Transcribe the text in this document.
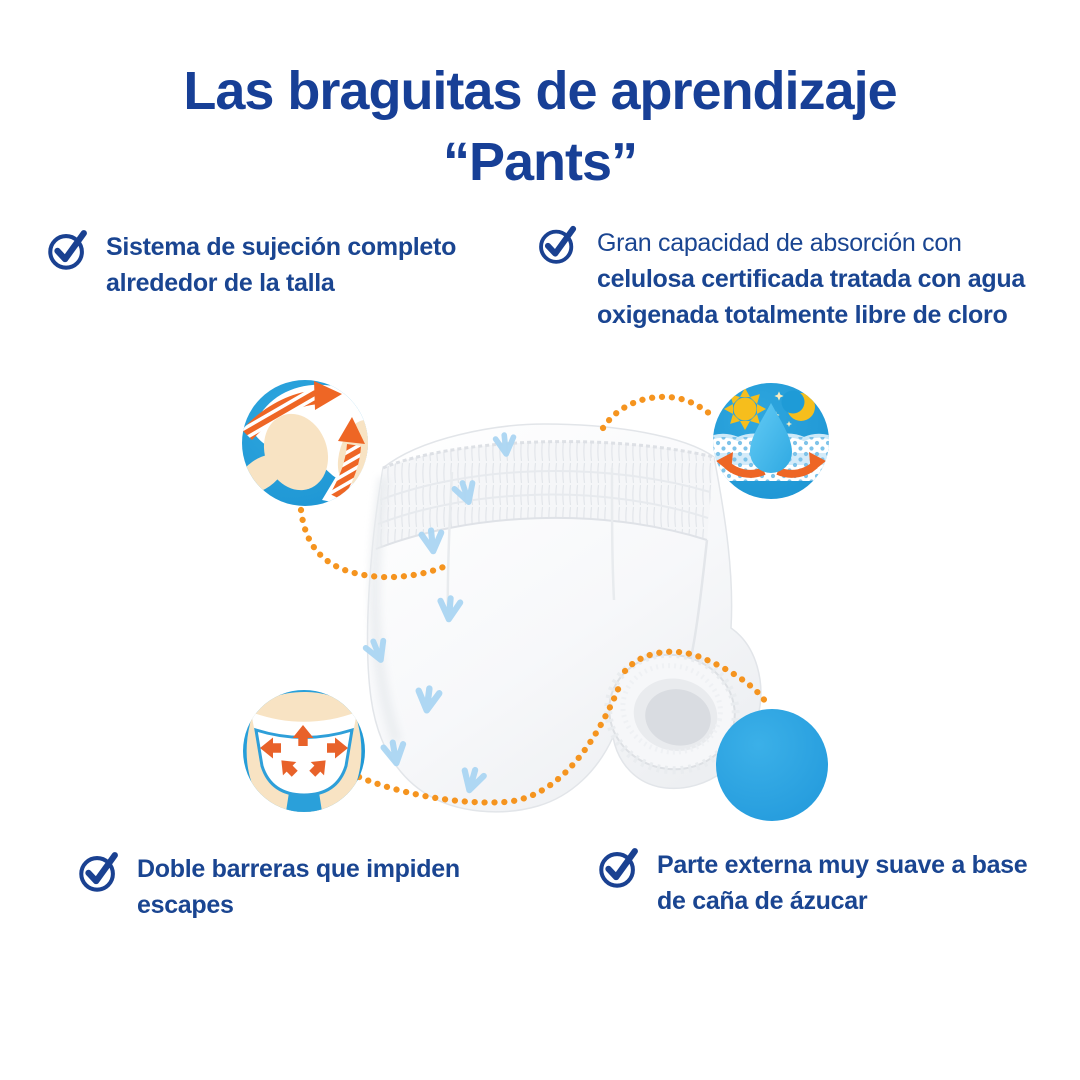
Las braguitas de aprendizaje
“Pants”

Sistema de sujeción completo alrededor de la talla

Gran capacidad de absorción con celulosa certificada tratada con agua oxigenada totalmente libre de cloro

Doble barreras que impiden escapes

Parte externa muy suave a base de caña de ázucar
